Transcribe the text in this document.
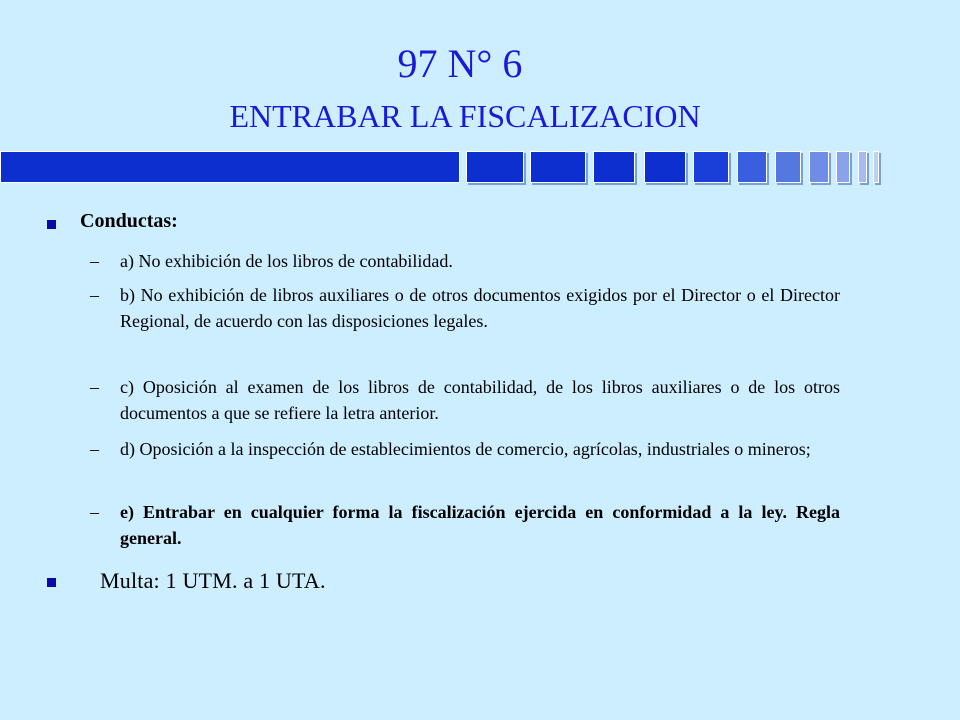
97 N° 6
ENTRABAR LA FISCALIZACION
Conductas:
–	a) No exhibición de los libros de contabilidad.
–	b) No exhibición de libros auxiliares o de otros documentos exigidos por el Director o el Director Regional, de acuerdo con las disposiciones legales.
–	c) Oposición al examen de los libros de contabilidad, de los libros auxiliares o de los otros documentos a que se refiere la letra anterior.
–	d) Oposición a la inspección de establecimientos de comercio, agrícolas, industriales o mineros;
–	e) Entrabar en cualquier forma la fiscalización ejercida en conformidad a la ley. Regla general.
Multa: 1 UTM. a 1 UTA.
